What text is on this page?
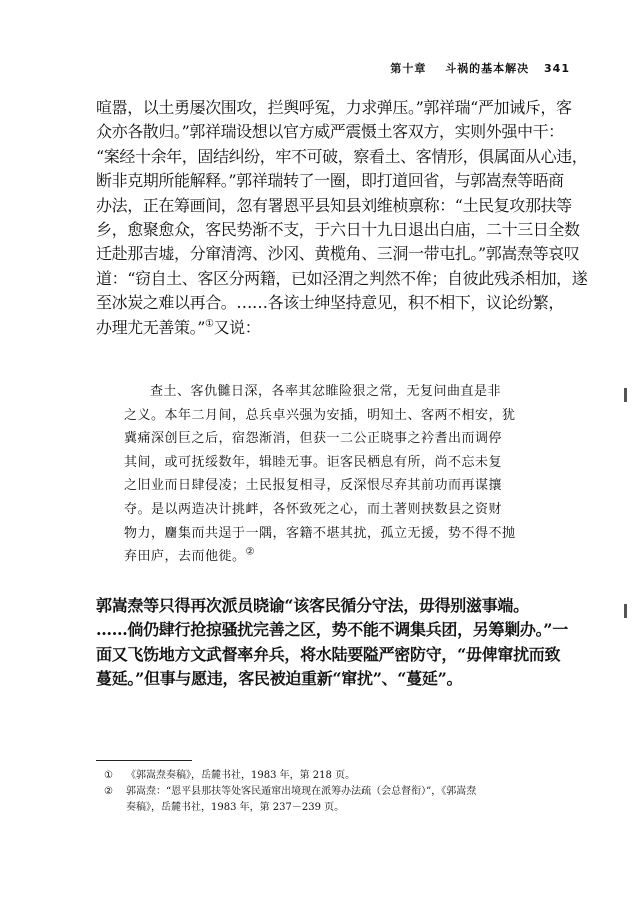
第十章 斗祸的基本解决 341
喧嚣，以土勇屡次围攻，拦舆呼冤，力求弹压。”郭祥瑞“严加诫斥，客
众亦各散归。”郭祥瑞设想以官方威严震慑土客双方，实则外强中干：
“案经十余年，固结纠纷，牢不可破，察看土、客情形，俱属面从心违，
断非克期所能解释。”郭祥瑞转了一圈，即打道回省，与郭嵩焘等晤商
办法，正在筹画间，忽有署恩平县知县刘维桢禀称：“土民复攻那扶等
乡，愈聚愈众，客民势渐不支，于六日十九日退出白庙，二十三日全数
迁赴那吉墟，分窜清湾、沙冈、黄榄角、三洞一带屯扎。”郭嵩焘等哀叹
道：“窃自土、客区分两籍，已如泾渭之判然不侔；自彼此残杀相加，遂
至冰炭之难以再合。……各该士绅坚持意见，积不相下，议论纷繁，
办理尤无善策。”①又说：
查土、客仇雠日深，各率其忿睢险狠之常，无复问曲直是非
之义。本年二月间，总兵卓兴强为安插，明知土、客两不相安，犹
冀痛深创巨之后，宿怨渐消，但获一二公正晓事之衿耆出而调停
其间，或可抚绥数年，辑睦无事。讵客民栖息有所，尚不忘未复
之旧业而日肆侵凌；土民报复相寻，反深恨尽弃其前功而再谋攘
夺。是以两造决计挑衅，各怀致死之心，而土著则挟数县之资财
物力，麕集而共逞于一隅，客籍不堪其扰，孤立无援，势不得不抛
弃田庐，去而他徙。②
郭嵩焘等只得再次派员晓谕“该客民循分守法，毋得别滋事端。
……倘仍肆行抢掠骚扰完善之区，势不能不调集兵团，另筹剿办。”一
面又飞饬地方文武督率弁兵，将水陆要隘严密防守，“毋俾窜扰而致
蔓延。”但事与愿违，客民被迫重新“窜扰”、“蔓延”。
① 《郭嵩焘奏稿》，岳麓书社，1983 年，第 218 页。
② 郭嵩焘：“恩平县那扶等处客民遁窜出境现在派筹办法疏（会总督衔）”，《郭嵩焘
奏稿》，岳麓书社，1983 年，第 237－239 页。
